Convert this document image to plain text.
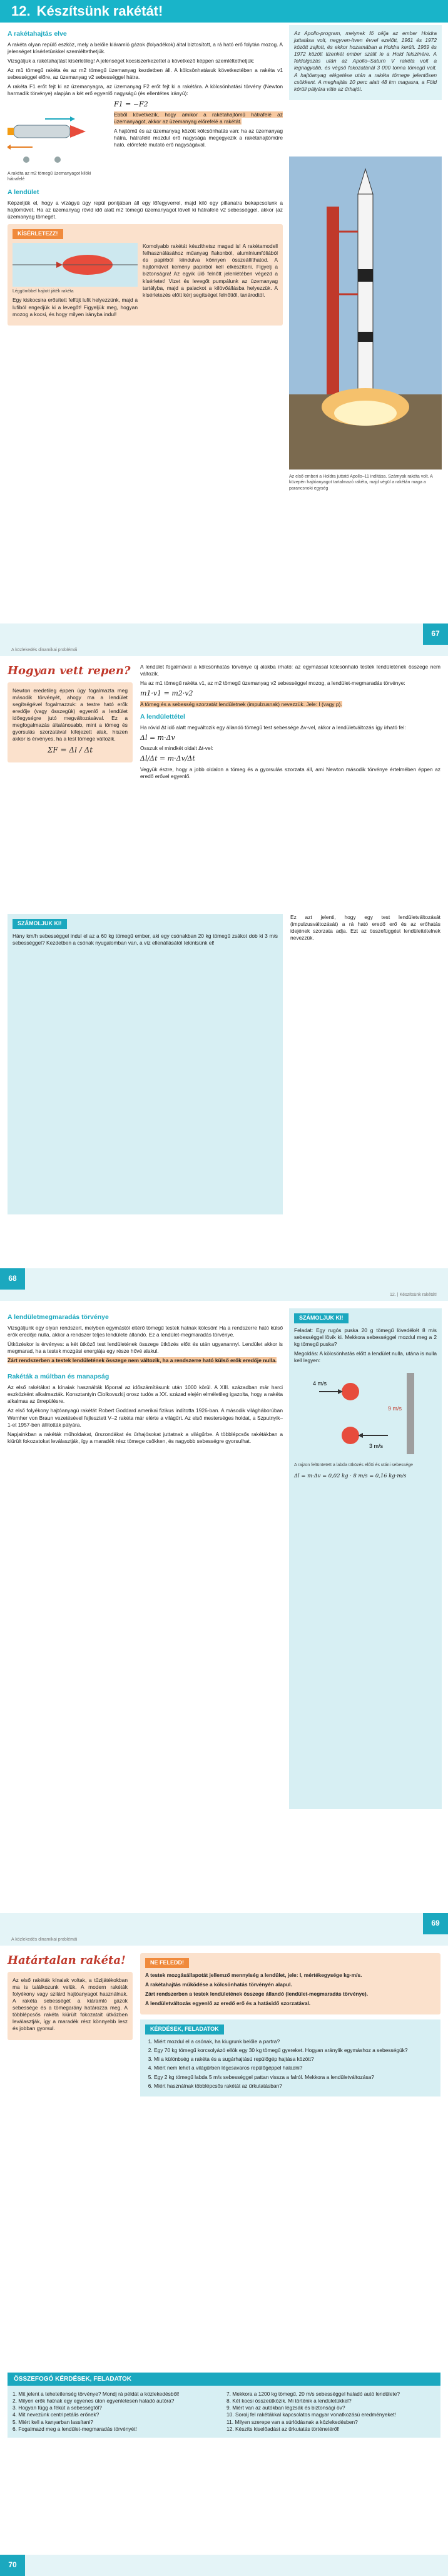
12. Készítsünk rakétát!
A rakétahajtás elve

A rakéta olyan repülő eszköz, mely a belőle kiáramló gázok (folyadékok) által biztosított, a rá ható erő folytán mozog. A jelenséget kísérletünkkel szemléltethetjük.

Vizsgáljuk a rakétahajtást kísérletileg! A jelenséget kocsiszerkezettel a következő képpen szemléltethetjük:

Az m1 tömegű rakéta és az m2 tömegű üzemanyag kezdetben áll. A kölcsönhatásuk következtében a rakéta v1 sebességgel előre, az üzemanyag v2 sebességgel hátra.

A rakéta F1 erőt fejt ki az üzemanyagra, az üzemanyag F2 erőt fejt ki a rakétára. A kölcsönhatási törvény (Newton harmadik törvénye) alapján a két erő egyenlő nagyságú (és ellentétes irányú):

A rakéta az m2 tömegű üzemanyagot kilöki hátrafelé

F1 = −F2

Ebből következik, hogy amikor a rakétahajtómű hátrafelé az üzemanyagot, akkor az üzemanyag előrefelé a rakétát.

A hajtómű és az üzemanyag között kölcsönhatás van: ha az üzemanyag hátra, hátrafelé mozdul erő nagysága megegyezik a rakétahajtóműre ható, előrefelé mutató erő nagyságával.

A lendület

Képzeljük el, hogy a vízágyú úgy repül pontjában áll egy lőfegyverrel, majd kilő egy pillanatra bekapcsolunk a hajtóművet. Ha az üzemanyag rövid idő alatt m2 tömegű üzemanyagot lövell ki hátrafelé v2 sebességgel, akkor (az üzemanyag tömegét.

KÍSÉRLETEZZ!
Léggömbbel hajtott játék rakéta

Egy kiskocsira erősített felfújt lufit helyezzünk, majd a lufiból engedjük ki a levegőt! Figyeljük meg, hogyan mozog a kocsi, és hogy milyen irányba indul!

Komolyabb rakétát készíthetsz magad is! A rakétamodell felhasználásához műanyag flakonból, alumíniumfóliából és papírból kiindulva könnyen összeállíthatod. A hajtóművet kemény papírból kell elkészíteni. Figyelj a biztonságra! Az egyik ülő felnőtt jelenlétében végezd a kísérletet! Vizet és levegőt pumpálunk az üzemanyag tartályba, majd a palackot a kilövőállásba helyezzük. A kísérletezés előtt kérj segítséget felnőttől, tanárodtól.

Az Apollo-program, melynek fő célja az ember Holdra juttatása volt, negyven-itven évvel ezelőtt, 1961 és 1972 között zajlott, és ekkor hozamában a Holdra került. 1969 és 1972 között tizenkét ember szállt le a Hold felszínére. A feldolgozás után az Apollo–Saturn V rakéta volt a legnagyobb, és végső fokozatánál 3 000 tonna tömegű volt. A hajtóanyag elégetése után a rakéta tömege jelentősen csökkent. A meghajtás 10 perc alatt 48 km magasra, a Föld körüli pályára vitte az űrhajót.

Az első emberi a Holdra juttató Apollo–11 indítása. Szárnyak rakéta volt. A közepén hajtóanyagot tartalmazó rakéta, majd végül a rakétán maga a parancsnoki egység
67
A közlekedés dinamikai problémái
Hogyan vett repen?

Newton eredetileg éppen úgy fogalmazta meg második törvényét, ahogy ma a lendület segítségével fogalmazzuk: a testre ható erők eredője (vagy összegük) egyenlő a lendület időegységre jutó megváltozásával. Ez a megfogalmazás általánosabb, mint a tömeg és gyorsulás szorzatával kifejezett alak, hiszen akkor is érvényes, ha a test tömege változik.

ΣF = Δl / Δt

A lendület fogalmával a kölcsönhatás törvénye új alakba írható: az egymással kölcsönható testek lendületének összege nem változik.

Ha az m1 tömegű rakéta v1, az m2 tömegű üzemanyag v2 sebességgel mozog, a lendület-megmaradás törvénye:

m1·v1 = m2·v2

A tömeg és a sebesség szorzatát lendületnek (impulzusnak) nevezzük. Jele: I (vagy p).

A lendülettétel

Ha rövid Δt idő alatt megváltozik egy állandó tömegű test sebessége Δv-vel, akkor a lendületváltozás így írható fel:

Δl = m·Δv

Osszuk el mindkét oldalt Δt-vel:

Δl/Δt = m·Δv/Δt

Vegyük észre, hogy a jobb oldalon a tömeg és a gyorsulás szorzata áll, ami Newton második törvénye értelmében éppen az eredő erővel egyenlő.

SZÁMOLJUK KI!

Hány km/h sebességgel indul el az a 60 kg tömegű ember, aki egy csónakban 20 kg tömegű zsákot dob ki 3 m/s sebességgel? Kezdetben a csónak nyugalomban van, a víz ellenállásától tekintsünk el!

Ez azt jelenti, hogy egy test lendületváltozását (impulzusváltozását) a rá ható eredő erő és az erőhatás idejének szorzata adja. Ezt az összefüggést lendülettételnek nevezzük.

68
12. | Készítsünk rakétát!
A lendületmegmaradás törvénye

Vizsgáljunk egy olyan rendszert, melyben egymástól eltérő tömegű testek hatnak kölcsön! Ha a rendszerre ható külső erők eredője nulla, akkor a rendszer teljes lendülete állandó. Ez a lendület-megmaradás törvénye.

Ütközéskor is érvényes: a két ütköző test lendületének összege ütközés előtt és után ugyanannyi. Lendület akkor is megmarad, ha a testek mozgási energiája egy része hővé alakul.

Zárt rendszerben a testek lendületének összege nem változik, ha a rendszerre ható külső erők eredője nulla.

Rakéták a múltban és manapság

Az első rakétákat a kínaiak használták lőporral az időszámításunk után 1000 körül. A XIII. században már harci eszközként alkalmazták. Konsztantyin Ciolkovszkij orosz tudós a XX. század elején elméletileg igazolta, hogy a rakéta alkalmas az űrrepülésre.

Az első folyékony hajtóanyagú rakétát Robert Goddard amerikai fizikus indította 1926-ban. A második világháborúban Wernher von Braun vezetésével fejlesztett V–2 rakéta már elérte a világűrt. Az első mesterséges holdat, a Szputnyik–1-et 1957-ben állították pályára.

Napjainkban a rakéták műholdakat, űrszondákat és űrhajósokat juttatnak a világűrbe. A többlépcsős rakétákban a kiürült fokozatokat leválasztják, így a maradék rész tömege csökken, és nagyobb sebességre gyorsulhat.

SZÁMOLJUK KI!

Feladat: Egy rugós puska 20 g tömegű lövedékét 8 m/s sebességgel lövik ki. Mekkora sebességgel mozdul meg a 2 kg tömegű puska?

Megoldás: A kölcsönhatás előtt a lendület nulla, utána is nulla kell legyen:

4 m/s
9 m/s
3 m/s
A rajzon feltüntetett a labda ütközés előtti és utáni sebessége

Δl = m·Δv = 0,02 kg · 8 m/s = 0,16 kg·m/s

69
A közlekedés dinamikai problémái
Határtalan rakéta!

Az első rakéták kínaiak voltak, a tűzijátékokban ma is találkozunk velük. A modern rakéták folyékony vagy szilárd hajtóanyagot használnak. A rakéta sebességét a kiáramló gázok sebessége és a tömegarány határozza meg. A többlépcsős rakéta kiürült fokozatait útközben leválasztják, így a maradék rész könnyebb lesz és jobban gyorsul.

NE FELEDD!

A testek mozgásállapotát jellemző mennyiség a lendület, jele: I, mértékegysége kg·m/s.

A rakétahajtás működése a kölcsönhatás törvényén alapul.

Zárt rendszerben a testek lendületének összege állandó (lendület-megmaradás törvénye).

A lendületváltozás egyenlő az eredő erő és a hatásidő szorzatával.

KÉRDÉSEK, FELADATOK
1. Miért mozdul el a csónak, ha kiugrunk belőle a partra?
2. Egy 70 kg tömegű korcsolyázó ellök egy 30 kg tömegű gyereket. Hogyan aránylik egymáshoz a sebességük?
3. Mi a különbség a rakéta és a sugárhajtású repülőgép hajtása között?
4. Miért nem lehet a világűrben légcsavaros repülőgéppel haladni?
5. Egy 2 kg tömegű labda 5 m/s sebességgel pattan vissza a falról. Mekkora a lendületváltozása?
6. Miért használnak többlépcsős rakétát az űrkutatásban?
ÖSSZEFOGÓ KÉRDÉSEK, FELADATOK
1. Mit jelent a tehetetlenség törvénye? Mondj rá példát a közlekedésből!
2. Milyen erők hatnak egy egyenes úton egyenletesen haladó autóra?
3. Hogyan függ a fékút a sebességtől?
4. Mit nevezünk centripetális erőnek?
5. Miért kell a kanyarban lassítani?
6. Fogalmazd meg a lendület-megmaradás törvényét!
7. Mekkora a 1200 kg tömegű, 20 m/s sebességgel haladó autó lendülete?
8. Két kocsi összeütközik. Mi történik a lendületükkel?
9. Miért van az autókban légzsák és biztonsági öv?
10. Sorolj fel rakétákkal kapcsolatos magyar vonatkozású eredményeket!
11. Milyen szerepe van a súrlódásnak a közlekedésben?
12. Készíts kiselőadást az űrkutatás történetéről!
70
